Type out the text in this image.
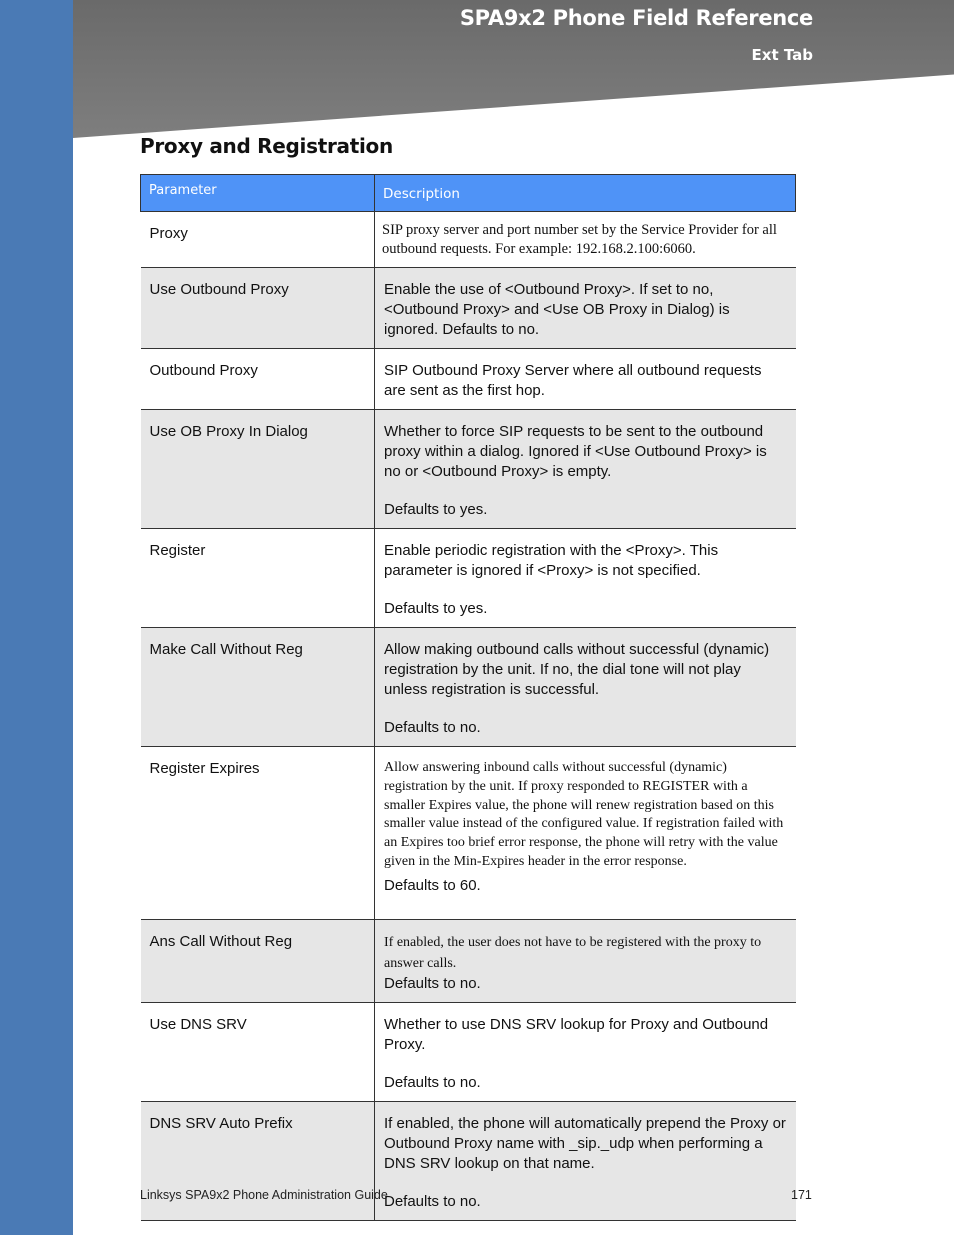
SPA9x2 Phone Field Reference
Ext Tab
Proxy and Registration
Parameter	Description
Proxy	SIP proxy server and port number set by the Service Provider for all outbound requests. For example: 192.168.2.100:6060.

Use Outbound Proxy	Enable the use of <Outbound Proxy>. If set to no, <Outbound Proxy> and <Use OB Proxy in Dialog) is ignored. Defaults to no.

Outbound Proxy	SIP Outbound Proxy Server where all outbound requests are sent as the first hop.

Use OB Proxy In Dialog	Whether to force SIP requests to be sent to the outbound proxy within a dialog. Ignored if <Use Outbound Proxy> is no or <Outbound Proxy> is empty.

Defaults to yes.

Register	Enable periodic registration with the <Proxy>. This parameter is ignored if <Proxy> is not specified.

Defaults to yes.

Make Call Without Reg	Allow making outbound calls without successful (dynamic) registration by the unit. If no, the dial tone will not play unless registration is successful.

Defaults to no.

Register Expires	Allow answering inbound calls without successful (dynamic) registration by the unit. If proxy responded to REGISTER with a smaller Expires value, the phone will renew registration based on this smaller value instead of the configured value. If registration failed with an Expires too brief error response, the phone will retry with the value given in the Min-Expires header in the error response.

Defaults to 60.

Ans Call Without Reg	If enabled, the user does not have to be registered with the proxy to answer calls.

Defaults to no.

Use DNS SRV	Whether to use DNS SRV lookup for Proxy and Outbound Proxy.

Defaults to no.

DNS SRV Auto Prefix	If enabled, the phone will automatically prepend the Proxy or Outbound Proxy name with _sip._udp when performing a DNS SRV lookup on that name.

Defaults to no.

Linksys SPA9x2 Phone Administration Guide	171
